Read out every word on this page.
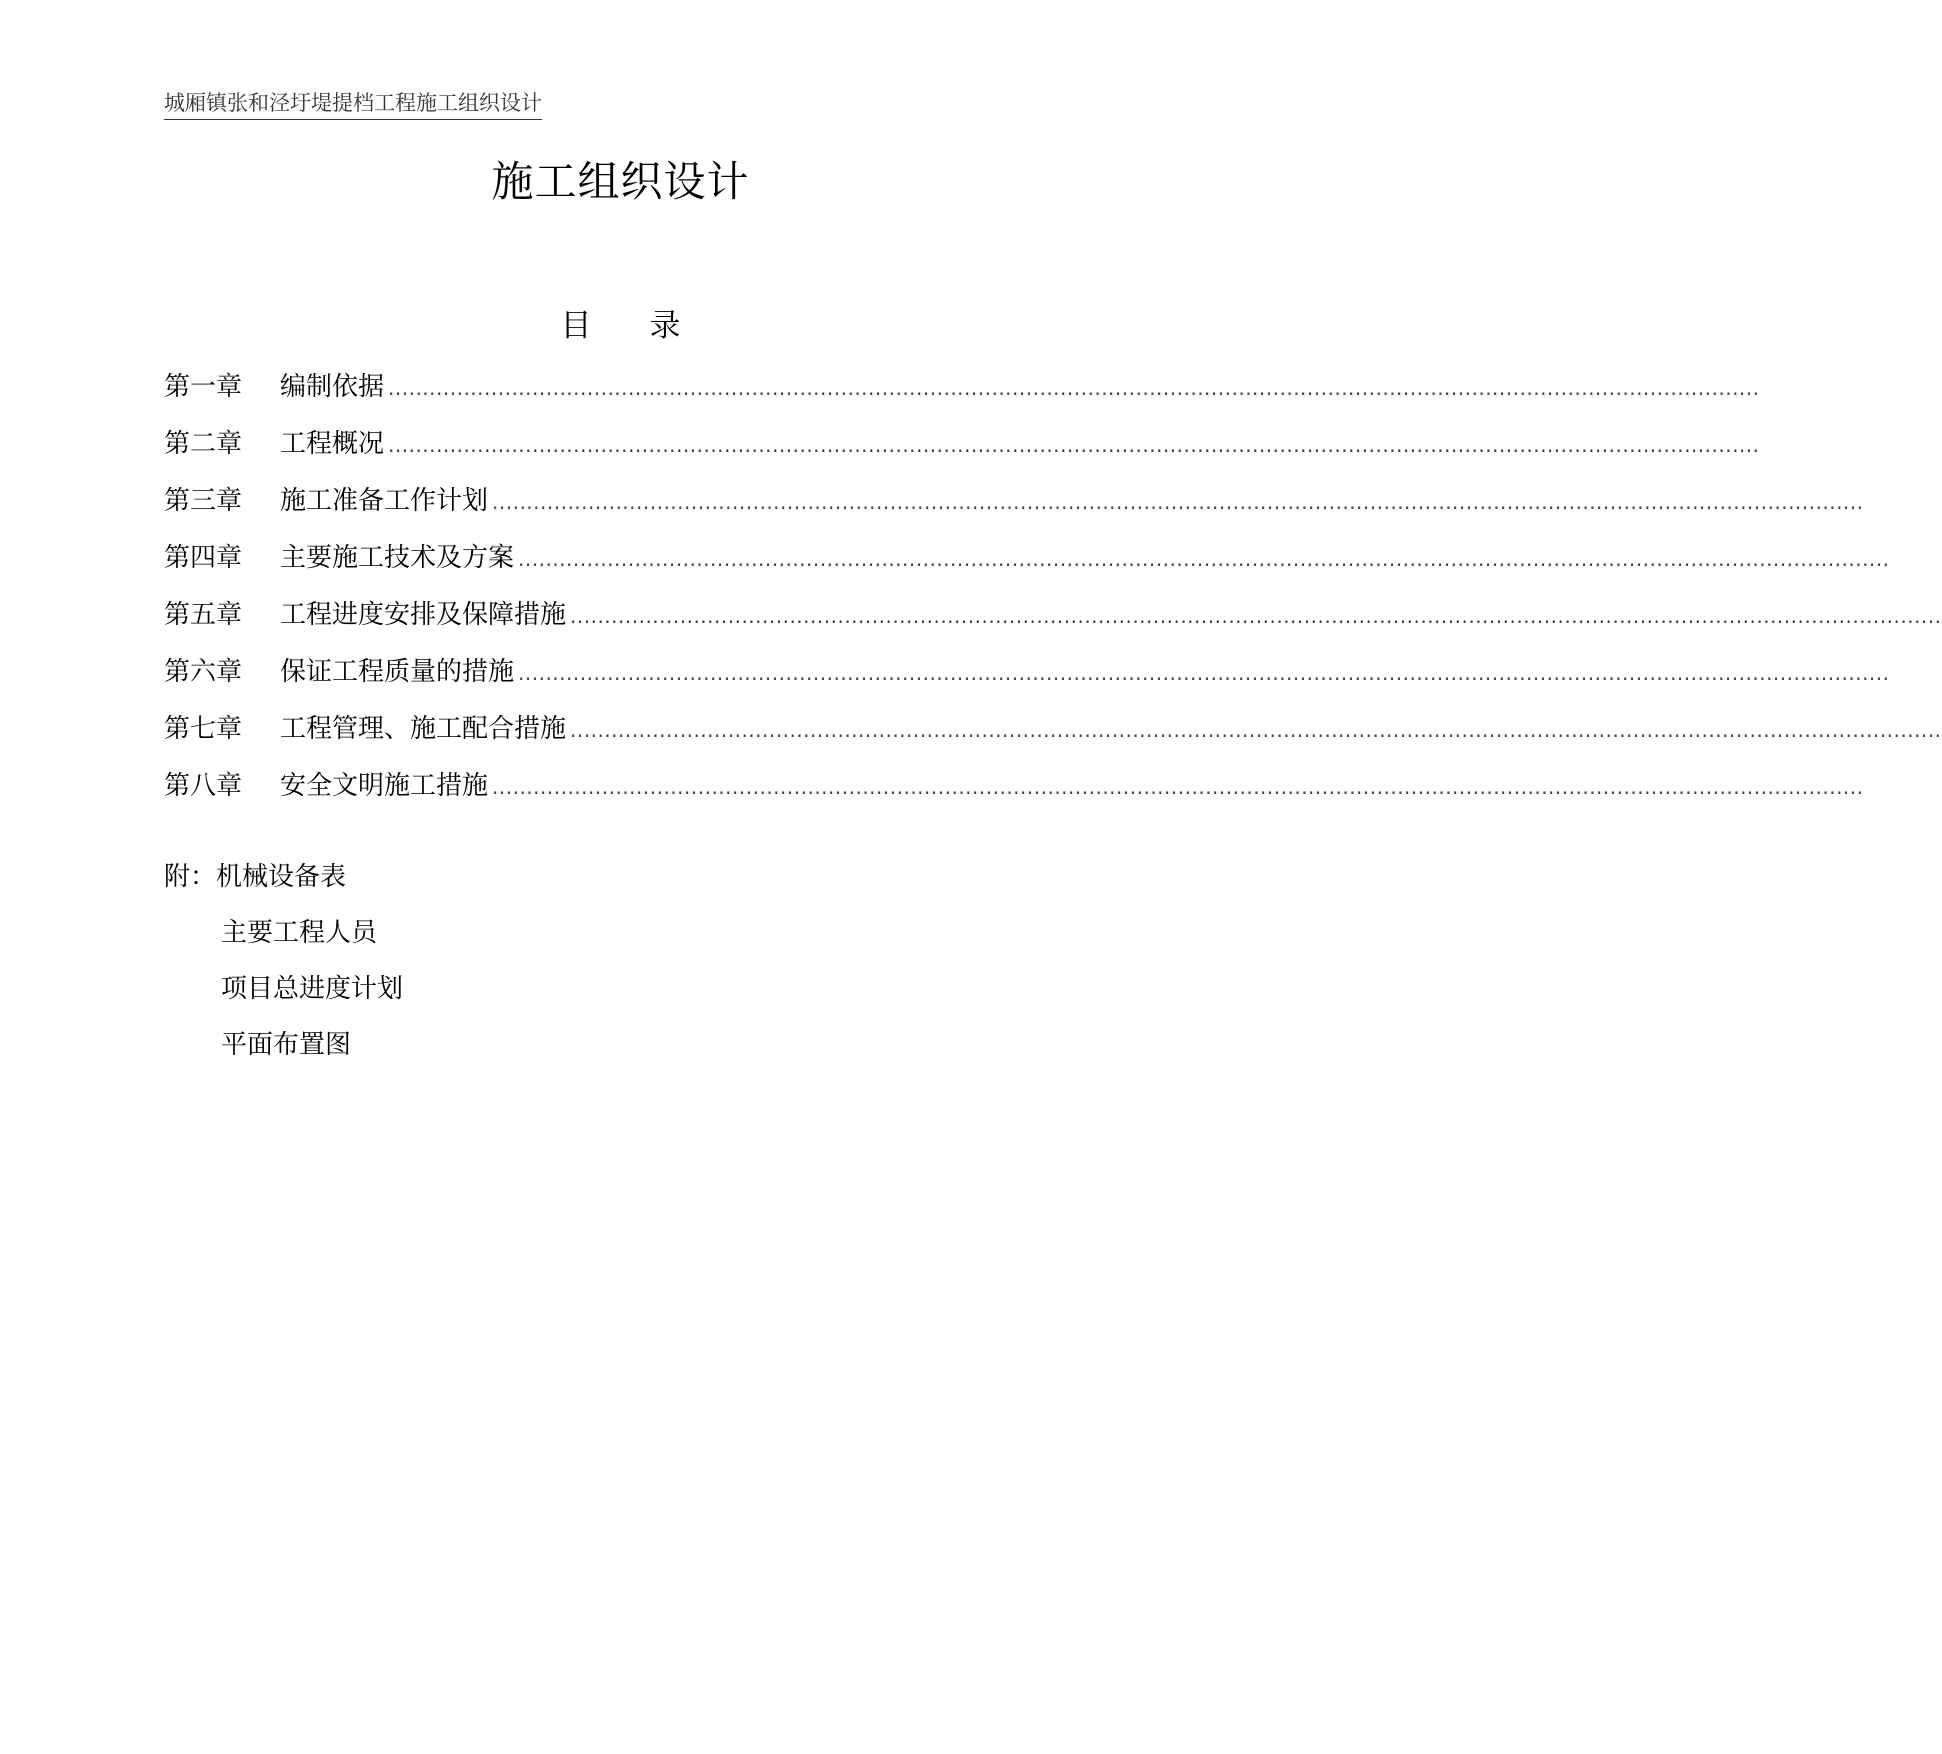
城厢镇张和泾圩堤提档工程施工组织设计
施工组织设计
目 录
第一章	编制依据 ........................................................................................................................................................................................................
第二章	工程概况 ........................................................................................................................................................................................................
第三章	施工准备工作计划 ........................................................................................................................................................................................................
第四章	主要施工技术及方案 ........................................................................................................................................................................................................
第五章	工程进度安排及保障措施 ........................................................................................................................................................................................................
第六章	保证工程质量的措施 ........................................................................................................................................................................................................
第七章	工程管理、施工配合措施 ........................................................................................................................................................................................................
第八章	安全文明施工措施 ........................................................................................................................................................................................................
附：机械设备表
主要工程人员
项目总进度计划
平面布置图
